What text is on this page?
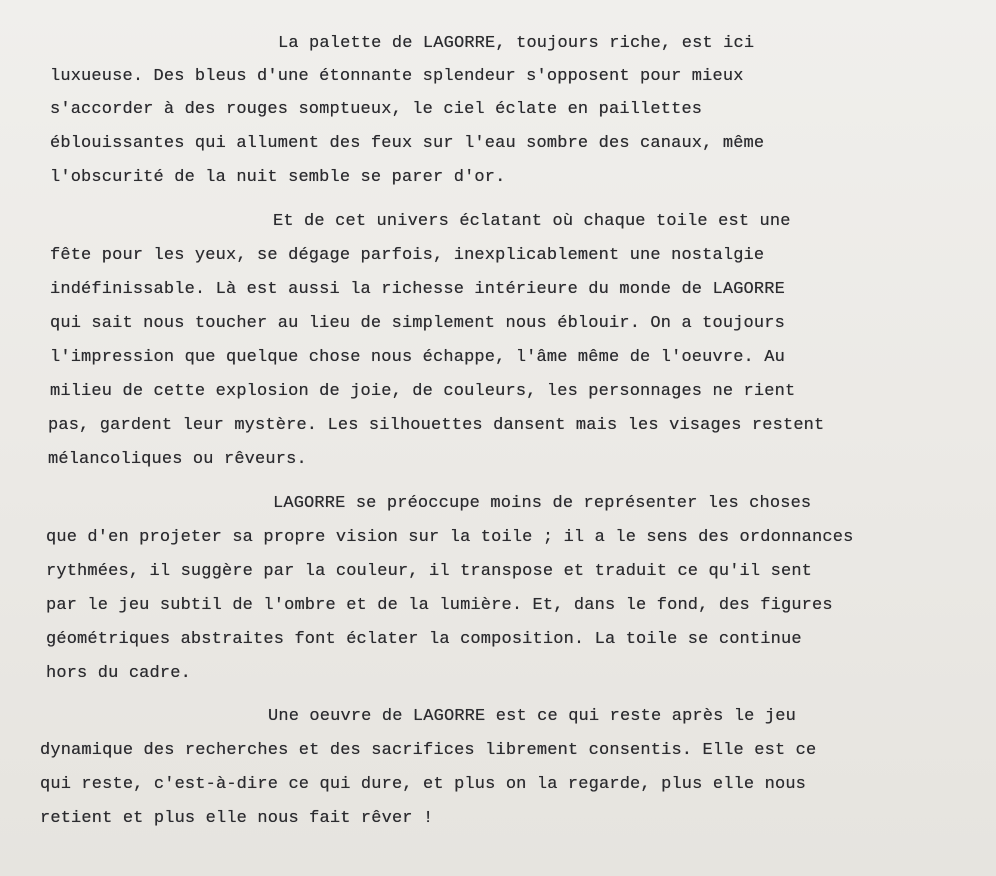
La palette de LAGORRE, toujours riche, est ici
luxueuse. Des bleus d'une étonnante splendeur s'opposent pour mieux
s'accorder à des rouges somptueux, le ciel éclate en paillettes
éblouissantes qui allument des feux sur l'eau sombre des canaux, même
l'obscurité de la nuit semble se parer d'or.
Et de cet univers éclatant où chaque toile est une
fête pour les yeux, se dégage parfois, inexplicablement une nostalgie
indéfinissable. Là est aussi la richesse intérieure du monde de LAGORRE
qui sait nous toucher au lieu de simplement nous éblouir. On a toujours
l'impression que quelque chose nous échappe, l'âme même de l'oeuvre. Au
milieu de cette explosion de joie, de couleurs, les personnages ne rient
pas, gardent leur mystère. Les silhouettes dansent mais les visages restent
mélancoliques ou rêveurs.
LAGORRE se préoccupe moins de représenter les choses
que d'en projeter sa propre vision sur la toile ; il a le sens des ordonnances
rythmées, il suggère par la couleur, il transpose et traduit ce qu'il sent
par le jeu subtil de l'ombre et de la lumière. Et, dans le fond, des figures
géométriques abstraites font éclater la composition. La toile se continue
hors du cadre.
Une oeuvre de LAGORRE est ce qui reste après le jeu
dynamique des recherches et des sacrifices librement consentis. Elle est ce
qui reste, c'est-à-dire ce qui dure, et plus on la regarde, plus elle nous
retient et plus elle nous fait rêver !
